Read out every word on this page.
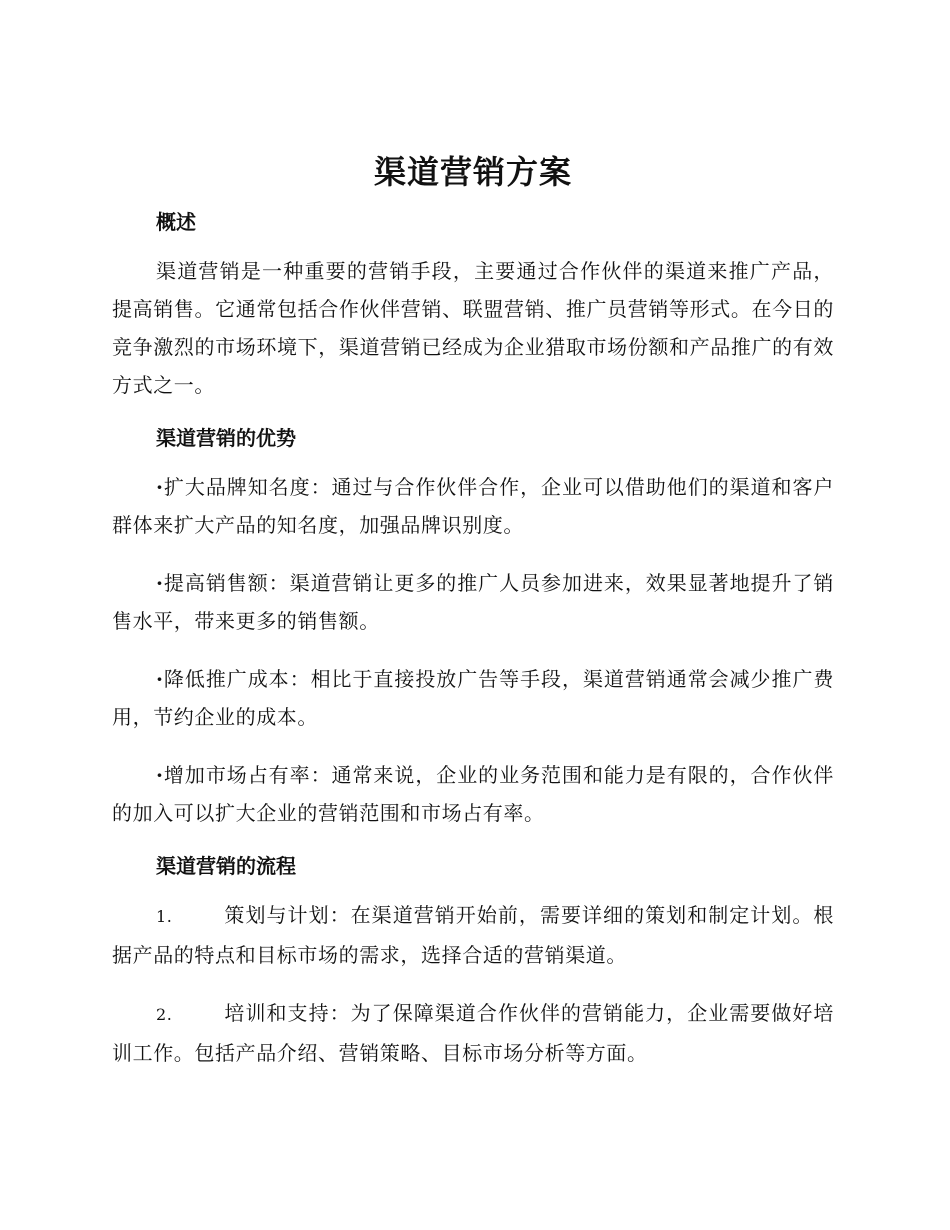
渠道营销方案
概述

渠道营销是一种重要的营销手段，主要通过合作伙伴的渠道来推广产品，提高销售。它通常包括合作伙伴营销、联盟营销、推广员营销等形式。在今日的竞争激烈的市场环境下，渠道营销已经成为企业猎取市场份额和产品推广的有效方式之一。

渠道营销的优势

·扩大品牌知名度：通过与合作伙伴合作，企业可以借助他们的渠道和客户群体来扩大产品的知名度，加强品牌识别度。

·提高销售额：渠道营销让更多的推广人员参加进来，效果显著地提升了销售水平，带来更多的销售额。

·降低推广成本：相比于直接投放广告等手段，渠道营销通常会减少推广费用，节约企业的成本。

·增加市场占有率：通常来说，企业的业务范围和能力是有限的，合作伙伴的加入可以扩大企业的营销范围和市场占有率。

渠道营销的流程

1.	策划与计划：在渠道营销开始前，需要详细的策划和制定计划。根据产品的特点和目标市场的需求，选择合适的营销渠道。

2.	培训和支持：为了保障渠道合作伙伴的营销能力，企业需要做好培训工作。包括产品介绍、营销策略、目标市场分析等方面。
